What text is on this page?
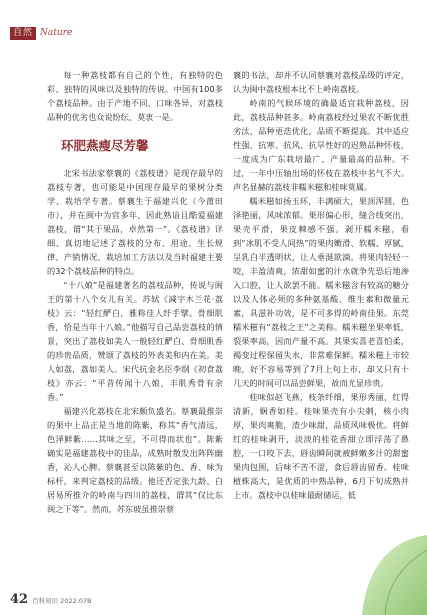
自然 Nature

每一种荔枝都有自己的个性，有独特的色彩、独特的风味以及独特的传说。中国有100多个荔枝品种。由于产地不同、口味各异，对荔枝品种的优劣也众说纷纭、莫衷一是。

环肥燕瘦尽芳馨

北宋书法家蔡襄的《荔枝谱》是现存最早的荔枝专著，也可能是中国现存最早的果树分类学、栽培学专著。蔡襄生于福建兴化（今莆田市），并在闽中为官多年，因此熟谙且酷爱福建荔枝，谓“其于果品，卓然第一”。《荔枝谱》详细、真切地记述了荔枝的分布、用途、生长规律、产销情况、栽培加工方法以及当时福建主要的32个荔枝品种的特点。

“十八娘”是福建著名的荔枝品种，传说与闽王的第十八个女儿有关。苏轼《减字木兰花·荔枝》云：“轻红酽白，雅称佳人纤手擘。骨细肌香，恰是当年十八娘。”他描写自己品尝荔枝的情景，突出了荔枝如美人一般轻红酽白、骨细肌香的珍贵品质，赞颂了荔枝的外表美和内在美。美人如荔，荔如美人。宋代抗金名臣李纲《初食荔枝》亦云：“平昔传闻十八娘，丰肌秀骨有余香。”

福建兴化荔枝在北宋颇负盛名。蔡襄最推崇的果中上品正是当地的陈紫，称其“香气清远，色泽鲜紫……其味之至，不可得而状也”。陈紫确实是福建荔枝中的佳品，成熟时散发出阵阵幽香，沁人心脾。蔡襄甚至以陈紫的色、香、味为标杆，来判定荔枝的品级。他还否定张九龄、白居易所推介的岭南与四川的荔枝，谓其“仅比东闽之下等”。然而，苏东坡虽推崇蔡

襄的书法，却并不认同蔡襄对荔枝品级的评定，认为闽中荔枝根本比不上岭南荔枝。

岭南的气候环境的确最适宜栽种荔枝，因此，荔枝品种甚多。岭南荔枝经过果农不断优胜劣汰，品种更迭优化，品质不断提高。其中适应性强、抗寒、抗风、抗旱性好的迟熟品种怀枝，一度成为广东栽培最广、产量最高的品种。不过，一年中压轴出场的怀枝在荔枝中名气不大。声名显赫的荔枝非糯米糍和桂味莫属。

糯米糍如扬玉环，丰满硕大，果顶浑圆，色泽艳丽，风味浓郁。果形偏心形，缝合线突出，果壳平滑，果皮棘感不强。剥开糯米糍，看到“冰肌不受人间热”的果肉嫩滑、软糯、厚腻，呈乳白半透明状，让人垂涎欲滴。将果肉轻轻一咬，丰盈清爽，浓甜如蜜的汁水就争先恐后地渗入口腔，让人欲罢不能。糯米糍含有较高的糖分以及人体必须的多种氨基酸、维生素和微量元素，具滋补功效，是不可多得的岭南佳果。东莞糯米糍有“荔枝之王”之美称。糯米糍坐果率低，裂果率高，因而产量不高。其果实喜老喜怕柔，褐变过程保留失水，非常难保鲜。糯米糍上市较晚，好不容易等到了7月上旬上市，却又只有十几天的时间可以品尝鲜果，故而尤显珍贵。

桂味似赵飞燕，枝条纤细，果形秀丽，红得清新，娴香如桂。桂味果壳有小尖刺，核小肉厚，果肉爽脆，渣少味甜，品质风味极优。将鲜红的桂味剥开，淡淡的桂花香甜立即浮荡了鼻腔，一口咬下去，唇齿瞬间就被鲜嫩多汁的甜蜜果肉包围，后味不苦不涩，食后唇齿留香。桂味植株高大，是优质的中熟品种，6月下旬成熟并上市。荔枝中以桂味最耐储运，低

42 百科知识 2022.07B
